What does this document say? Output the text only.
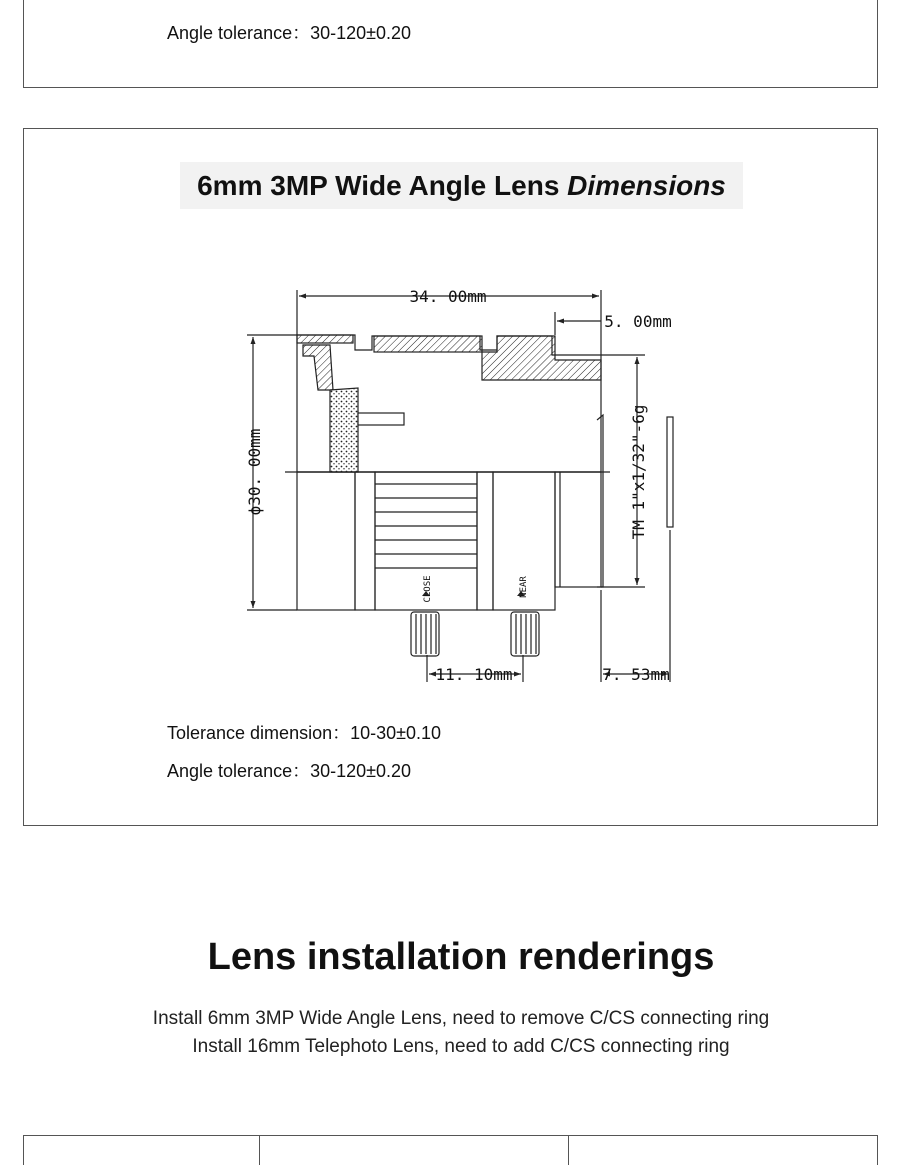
Angle tolerance：30-120±0.20
6mm 3MP Wide Angle Lens Dimensions
34. 00mm
5. 00mm
ϕ30. 00mm	TM 1"x1/32"-6g
11. 10mm	7. 53mm
CLOSE	NEAR
Tolerance dimension：10-30±0.10
Angle tolerance：30-120±0.20
Lens installation renderings
Install 6mm 3MP Wide Angle Lens, need to remove C/CS connecting ring
Install 16mm Telephoto Lens, need to add C/CS connecting ring
